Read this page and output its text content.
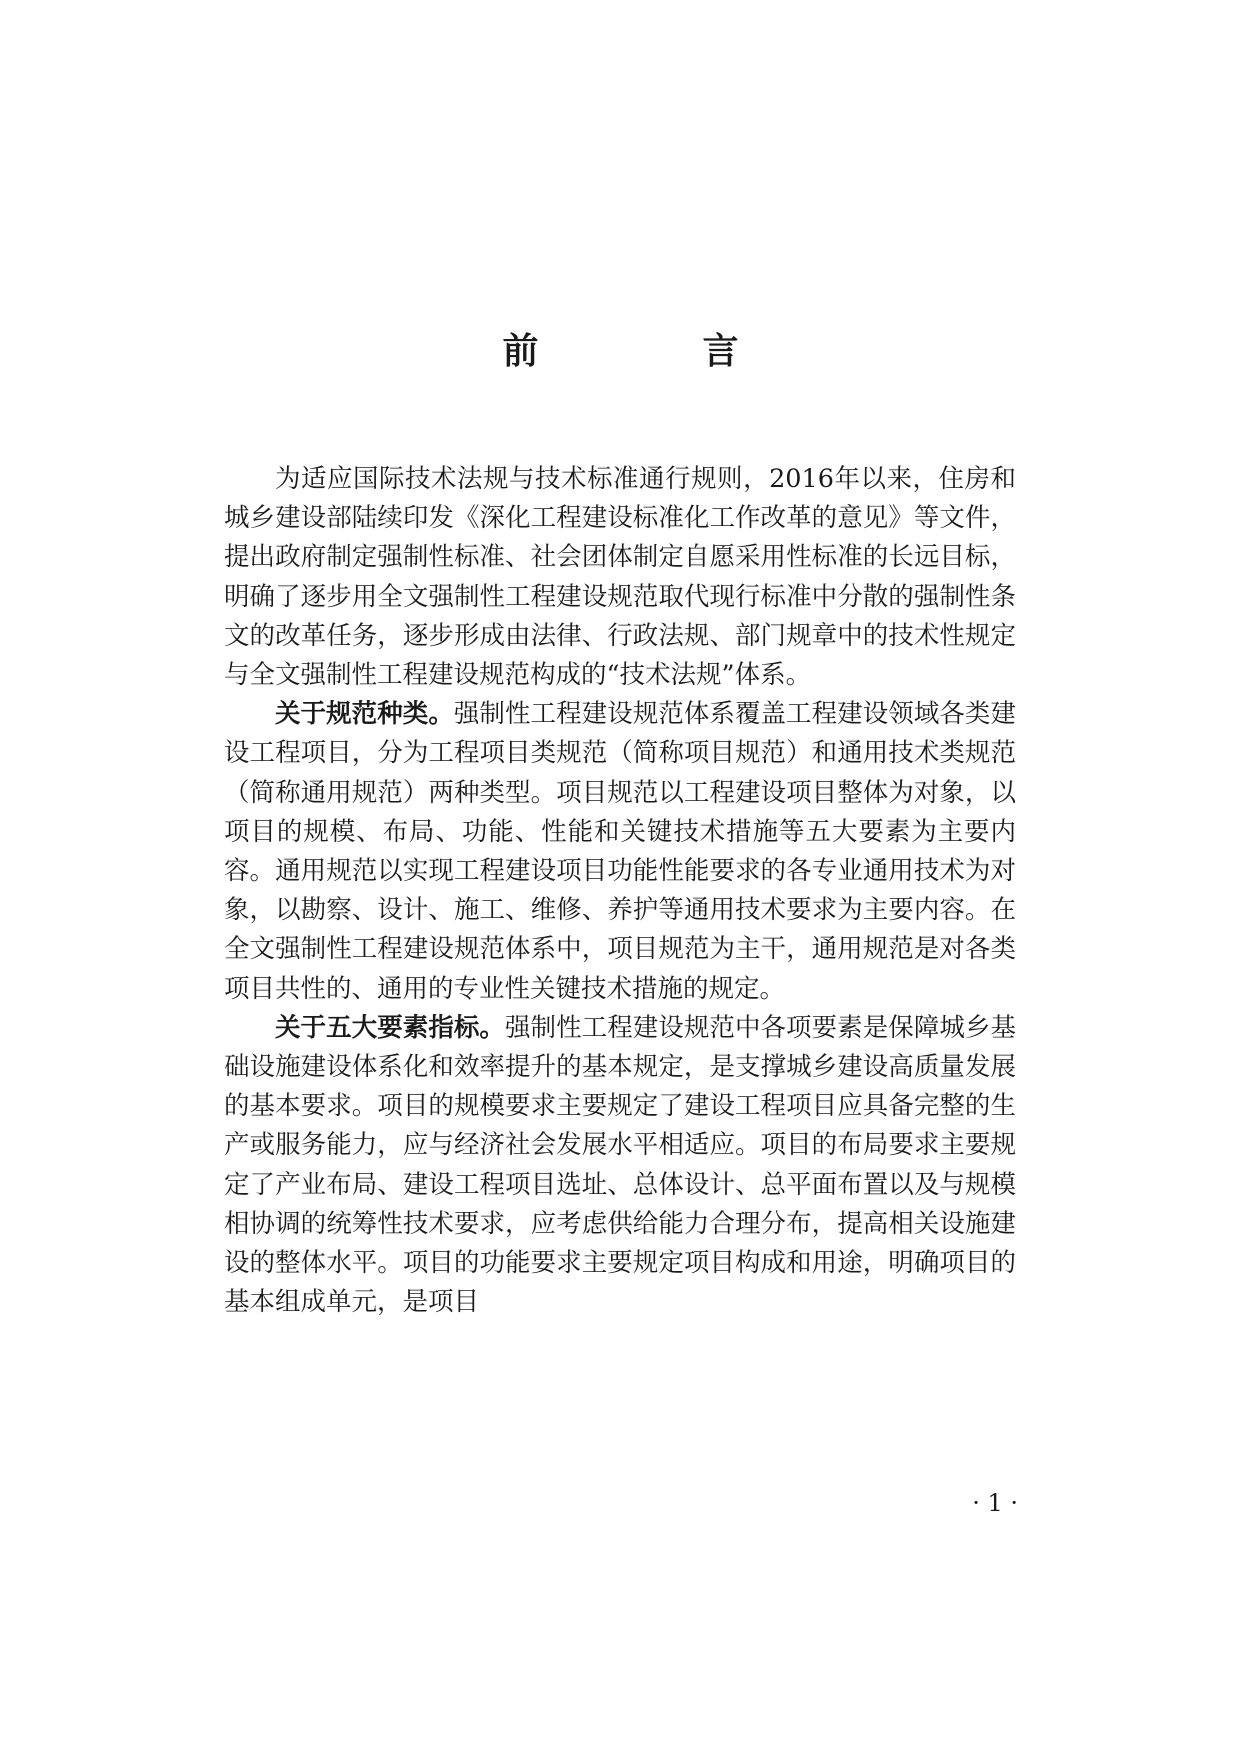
前　言

为适应国际技术法规与技术标准通行规则，2016年以来，住房和城乡建设部陆续印发《深化工程建设标准化工作改革的意见》等文件，提出政府制定强制性标准、社会团体制定自愿采用性标准的长远目标，明确了逐步用全文强制性工程建设规范取代现行标准中分散的强制性条文的改革任务，逐步形成由法律、行政法规、部门规章中的技术性规定与全文强制性工程建设规范构成的“技术法规”体系。

关于规范种类。强制性工程建设规范体系覆盖工程建设领域各类建设工程项目，分为工程项目类规范（简称项目规范）和通用技术类规范（简称通用规范）两种类型。项目规范以工程建设项目整体为对象，以项目的规模、布局、功能、性能和关键技术措施等五大要素为主要内容。通用规范以实现工程建设项目功能性能要求的各专业通用技术为对象，以勘察、设计、施工、维修、养护等通用技术要求为主要内容。在全文强制性工程建设规范体系中，项目规范为主干，通用规范是对各类项目共性的、通用的专业性关键技术措施的规定。

关于五大要素指标。强制性工程建设规范中各项要素是保障城乡基础设施建设体系化和效率提升的基本规定，是支撑城乡建设高质量发展的基本要求。项目的规模要求主要规定了建设工程项目应具备完整的生产或服务能力，应与经济社会发展水平相适应。项目的布局要求主要规定了产业布局、建设工程项目选址、总体设计、总平面布置以及与规模相协调的统筹性技术要求，应考虑供给能力合理分布，提高相关设施建设的整体水平。项目的功能要求主要规定项目构成和用途，明确项目的基本组成单元，是项目

· 1 ·
